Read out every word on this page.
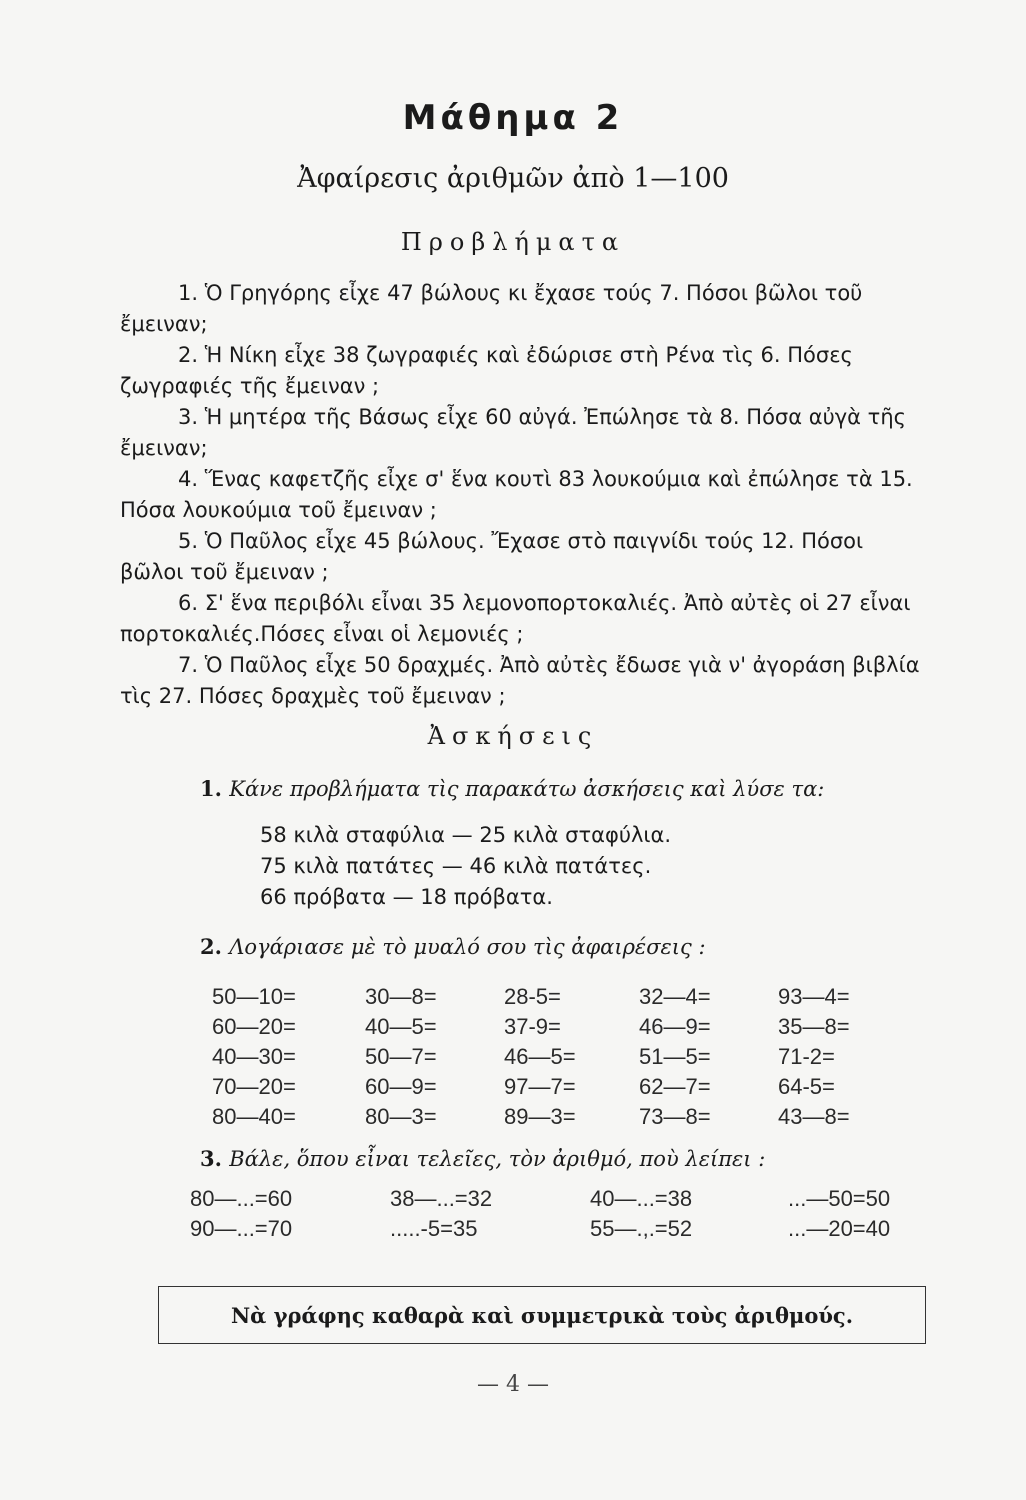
Μάθημα 2
Ἀφαίρεσις ἀριθμῶν ἀπὸ 1—100
Προβλήματα

1. Ὁ Γρηγόρης εἶχε 47 βώλους κι ἔχασε τούς 7. Πόσοι βῶλοι τοῦ ἔμειναν;

2. Ἡ Νίκη εἶχε 38 ζωγραφιές καὶ ἐδώρισε στὴ Ρένα τὶς 6. Πόσες ζωγραφιές τῆς ἔμειναν ;

3. Ἡ μητέρα τῆς Βάσως εἶχε 60 αὐγά. Ἐπώλησε τὰ 8. Πόσα αὐγὰ τῆς ἔμειναν;

4. Ἕνας καφετζῆς εἶχε σ' ἕνα κουτὶ 83 λουκούμια καὶ ἐπώλησε τὰ 15. Πόσα λουκούμια τοῦ ἔμειναν ;

5. Ὁ Παῦλος εἶχε 45 βώλους. Ἔχασε στὸ παιγνίδι τούς 12. Πόσοι βῶλοι τοῦ ἔμειναν ;

6. Σ' ἕνα περιβόλι εἶναι 35 λεμονοπορτοκαλιές. Ἀπὸ αὐτὲς οἱ 27 εἶναι πορτοκαλιές.Πόσες εἶναι οἱ λεμονιές ;

7. Ὁ Παῦλος εἶχε 50 δραχμές. Ἀπὸ αὐτὲς ἔδωσε γιὰ ν' ἀγοράση βιβλία τὶς 27. Πόσες δραχμὲς τοῦ ἔμειναν ;

Ἀσκήσεις
1. Κάνε προβλήματα τὶς παρακάτω ἀσκήσεις καὶ λύσε τα:
58 κιλὰ σταφύλια — 25 κιλὰ σταφύλια.
75 κιλὰ πατάτες — 46 κιλὰ πατάτες.
66 πρόβατα — 18 πρόβατα.
2. Λογάριασε μὲ τὸ μυαλό σου τὶς ἀφαιρέσεις :
50—10=	30—8=	28-5=	32—4=	93—4=
60—20=	40—5=	37-9=	46—9=	35—8=
40—30=	50—7=	46—5=	51—5=	71-2=
70—20=	60—9=	97—7=	62—7=	64-5=
80—40=	80—3=	89—3=	73—8=	43—8=
3. Βάλε, ὅπου εἶναι τελεῖες, τὸν ἀριθμό, ποὺ λείπει :
80—...=60	38—...=32	40—...=38	...—50=50
90—...=70	.....-5=35	55—.,.=52	...—20=40
Νὰ γράφης καθαρὰ καὶ συμμετρικὰ τοὺς ἀριθμούς.
— 4 —
